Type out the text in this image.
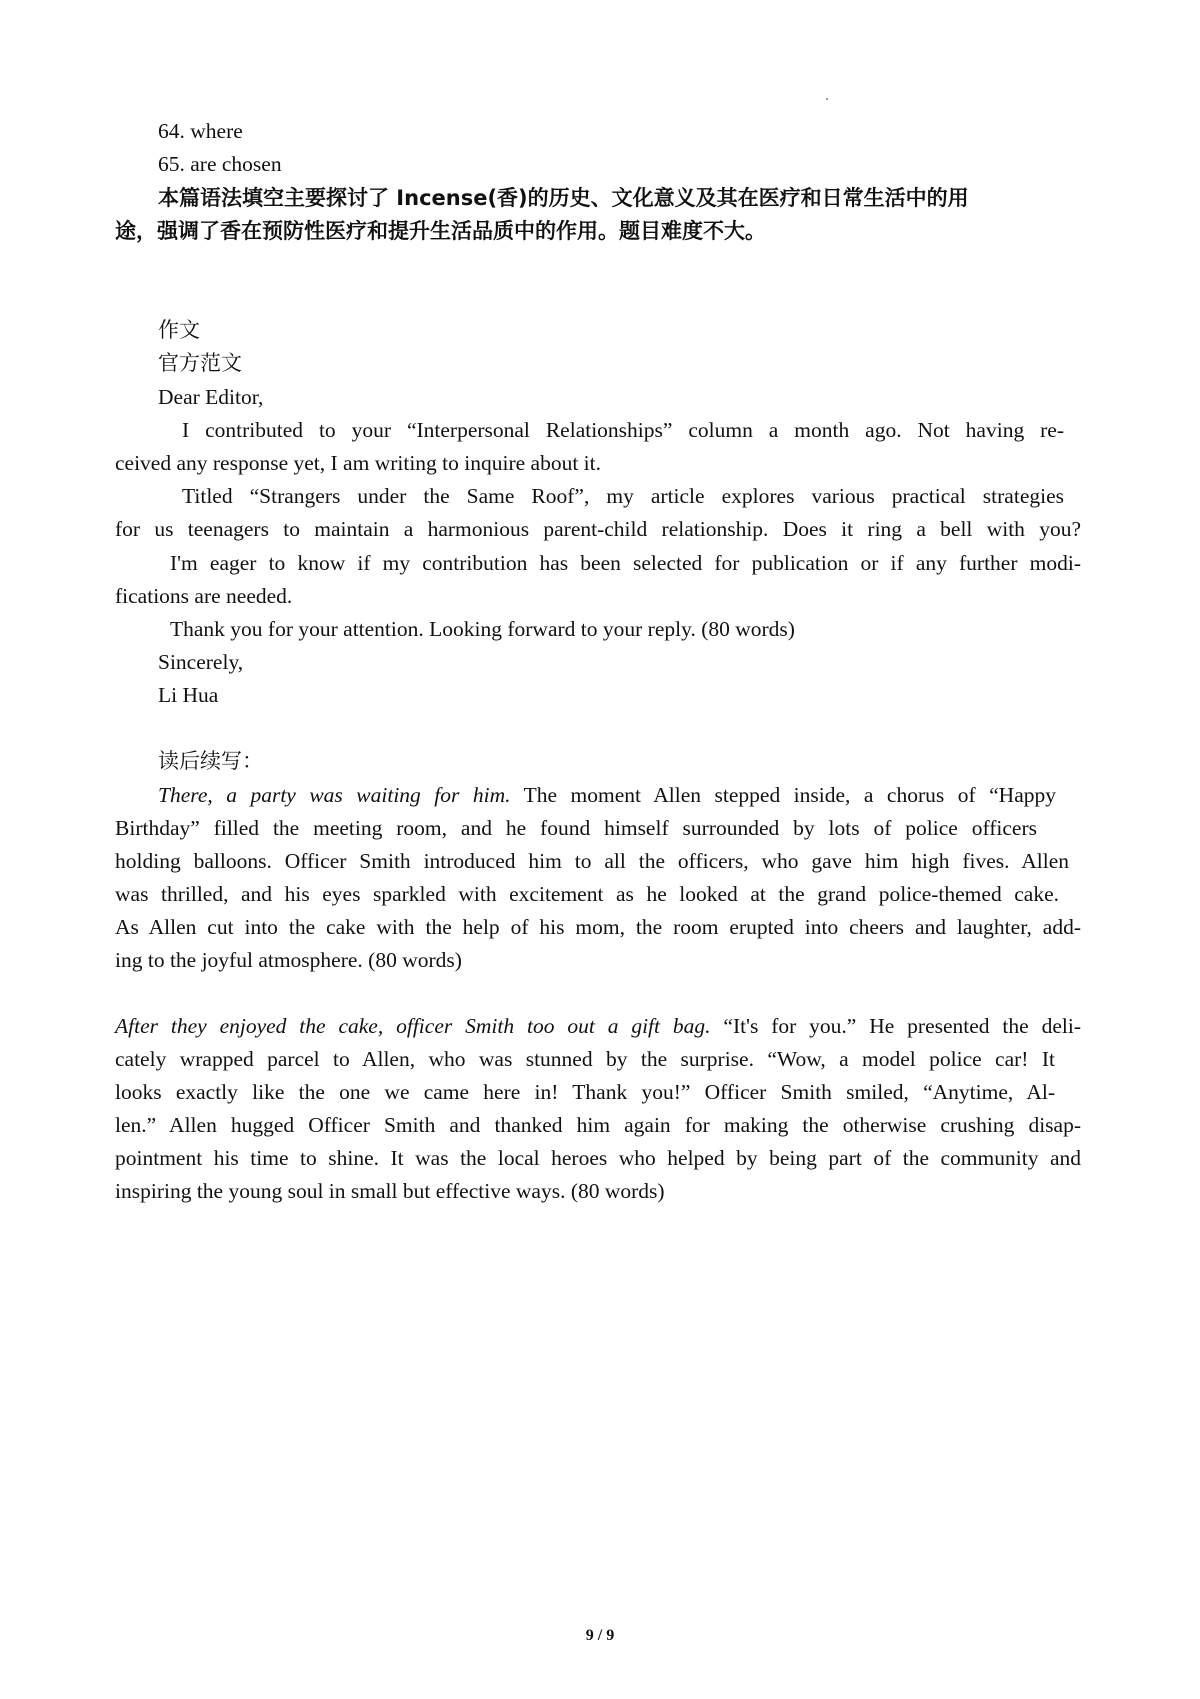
64. where
65. are chosen
本篇语法填空主要探讨了 Incense(香)的历史、文化意义及其在医疗和日常生活中的用
途，强调了香在预防性医疗和提升生活品质中的作用。题目难度不大。
作文
官方范文
Dear Editor,
I contributed to your “Interpersonal Relationships” column a month ago. Not having re-
ceived any response yet, I am writing to inquire about it.
Titled “Strangers under the Same Roof”, my article explores various practical strategies
for us teenagers to maintain a harmonious parent-child relationship. Does it ring a bell with you?
I'm eager to know if my contribution has been selected for publication or if any further modi-
fications are needed.
Thank you for your attention. Looking forward to your reply. (80 words)
Sincerely,
Li Hua
读后续写：
There, a party was waiting for him. The moment Allen stepped inside, a chorus of “Happy
Birthday” filled the meeting room, and he found himself surrounded by lots of police officers
holding balloons. Officer Smith introduced him to all the officers, who gave him high fives. Allen
was thrilled, and his eyes sparkled with excitement as he looked at the grand police-themed cake.
As Allen cut into the cake with the help of his mom, the room erupted into cheers and laughter, add-
ing to the joyful atmosphere. (80 words)
After they enjoyed the cake, officer Smith too out a gift bag. “It's for you.” He presented the deli-
cately wrapped parcel to Allen, who was stunned by the surprise. “Wow, a model police car! It
looks exactly like the one we came here in! Thank you!” Officer Smith smiled, “Anytime, Al-
len.” Allen hugged Officer Smith and thanked him again for making the otherwise crushing disap-
pointment his time to shine. It was the local heroes who helped by being part of the community and
inspiring the young soul in small but effective ways. (80 words)
9 / 9
